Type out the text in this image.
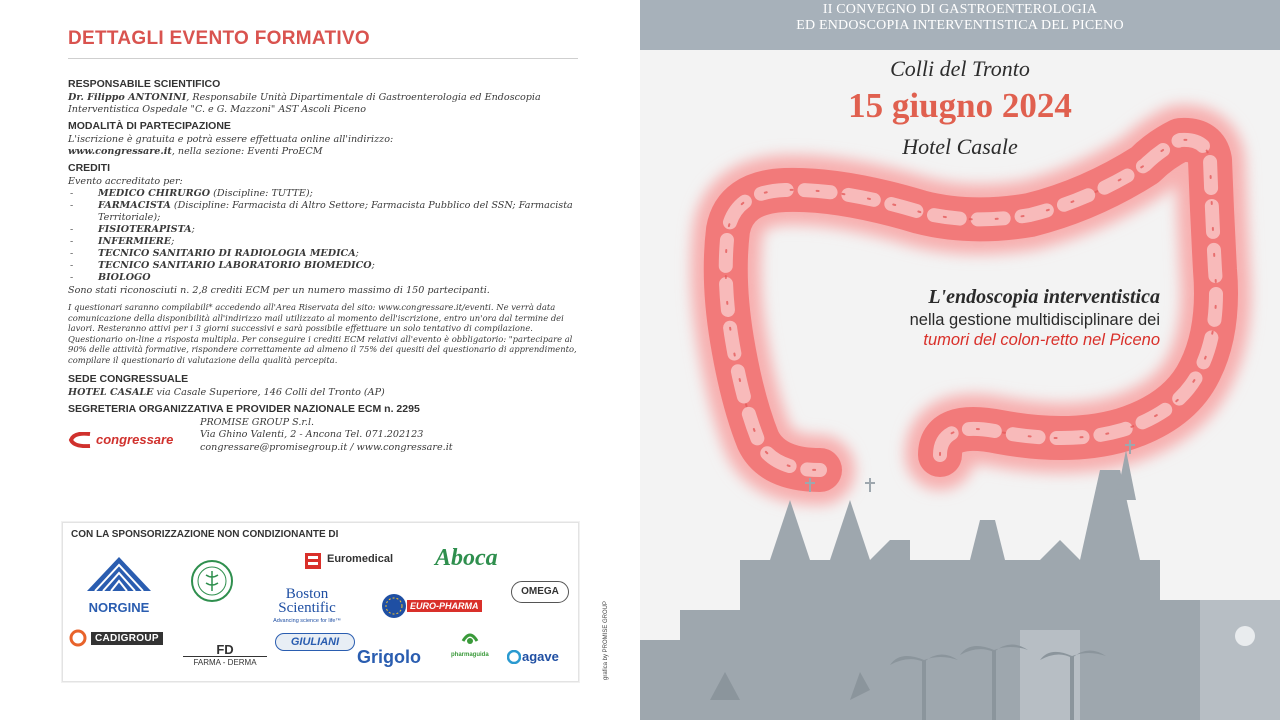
DETTAGLI EVENTO FORMATIVO
RESPONSABILE SCIENTIFICO
Dr. Filippo ANTONINI, Responsabile Unità Dipartimentale di Gastroenterologia ed Endoscopia Interventistica Ospedale "C. e G. Mazzoni" AST Ascoli Piceno
MODALITÀ DI PARTECIPAZIONE
L'iscrizione è gratuita e potrà essere effettuata online all'indirizzo:
www.congressare.it, nella sezione: Eventi ProECM
CREDITI
Evento accreditato per:
- MEDICO CHIRURGO (Discipline: TUTTE);
- FARMACISTA (Discipline: Farmacista di Altro Settore; Farmacista Pubblico del SSN; Farmacista Territoriale);
- FISIOTERAPISTA;
- INFERMIERE;
- TECNICO SANITARIO DI RADIOLOGIA MEDICA;
- TECNICO SANITARIO LABORATORIO BIOMEDICO;
- BIOLOGO
Sono stati riconosciuti n. 2,8 crediti ECM per un numero massimo di 150 partecipanti.
I questionari saranno compilabili* accedendo all'Area Riservata del sito: www.congressare.it/eventi. Ne verrà data comunicazione della disponibilità all'indirizzo mail utilizzato al momento dell'iscrizione, entro un'ora dal termine dei lavori. Resteranno attivi per i 3 giorni successivi e sarà possibile effettuare un solo tentativo di compilazione. Questionario on-line a risposta multipla. Per conseguire i crediti ECM relativi all'evento è obbligatorio: "partecipare al 90% delle attività formative, rispondere correttamente ad almeno il 75% dei quesiti del questionario di apprendimento, compilare il questionario di valutazione della qualità percepita.
SEDE CONGRESSUALE
HOTEL CASALE via Casale Superiore, 146 Colli del Tronto (AP)
SEGRETERIA ORGANIZZATIVA E PROVIDER NAZIONALE ECM n. 2295
congressare
PROMISE GROUP S.r.l.
Via Ghino Valenti, 2 - Ancona Tel. 071.202123
congressare@promisegroup.it / www.congressare.it
CON LA SPONSORIZZAZIONE NON CONDIZIONANTE DI
NORGINE
Euromedical Aboca
Boston Scientific
Advancing science for life™
EURO-PHARMA
OMEGA
CADIGROUP
FD
FARMA - DERMA
GIULIANI
Grigolo	pharmaguida	agave	grafica by PROMISE GROUP
II CONVEGNO DI GASTROENTEROLOGIA
ED ENDOSCOPIA INTERVENTISTICA DEL PICENO
Colli del Tronto
15 giugno 2024
Hotel Casale
L'endoscopia interventistica
nella gestione multidisciplinare dei
tumori del colon-retto nel Piceno
